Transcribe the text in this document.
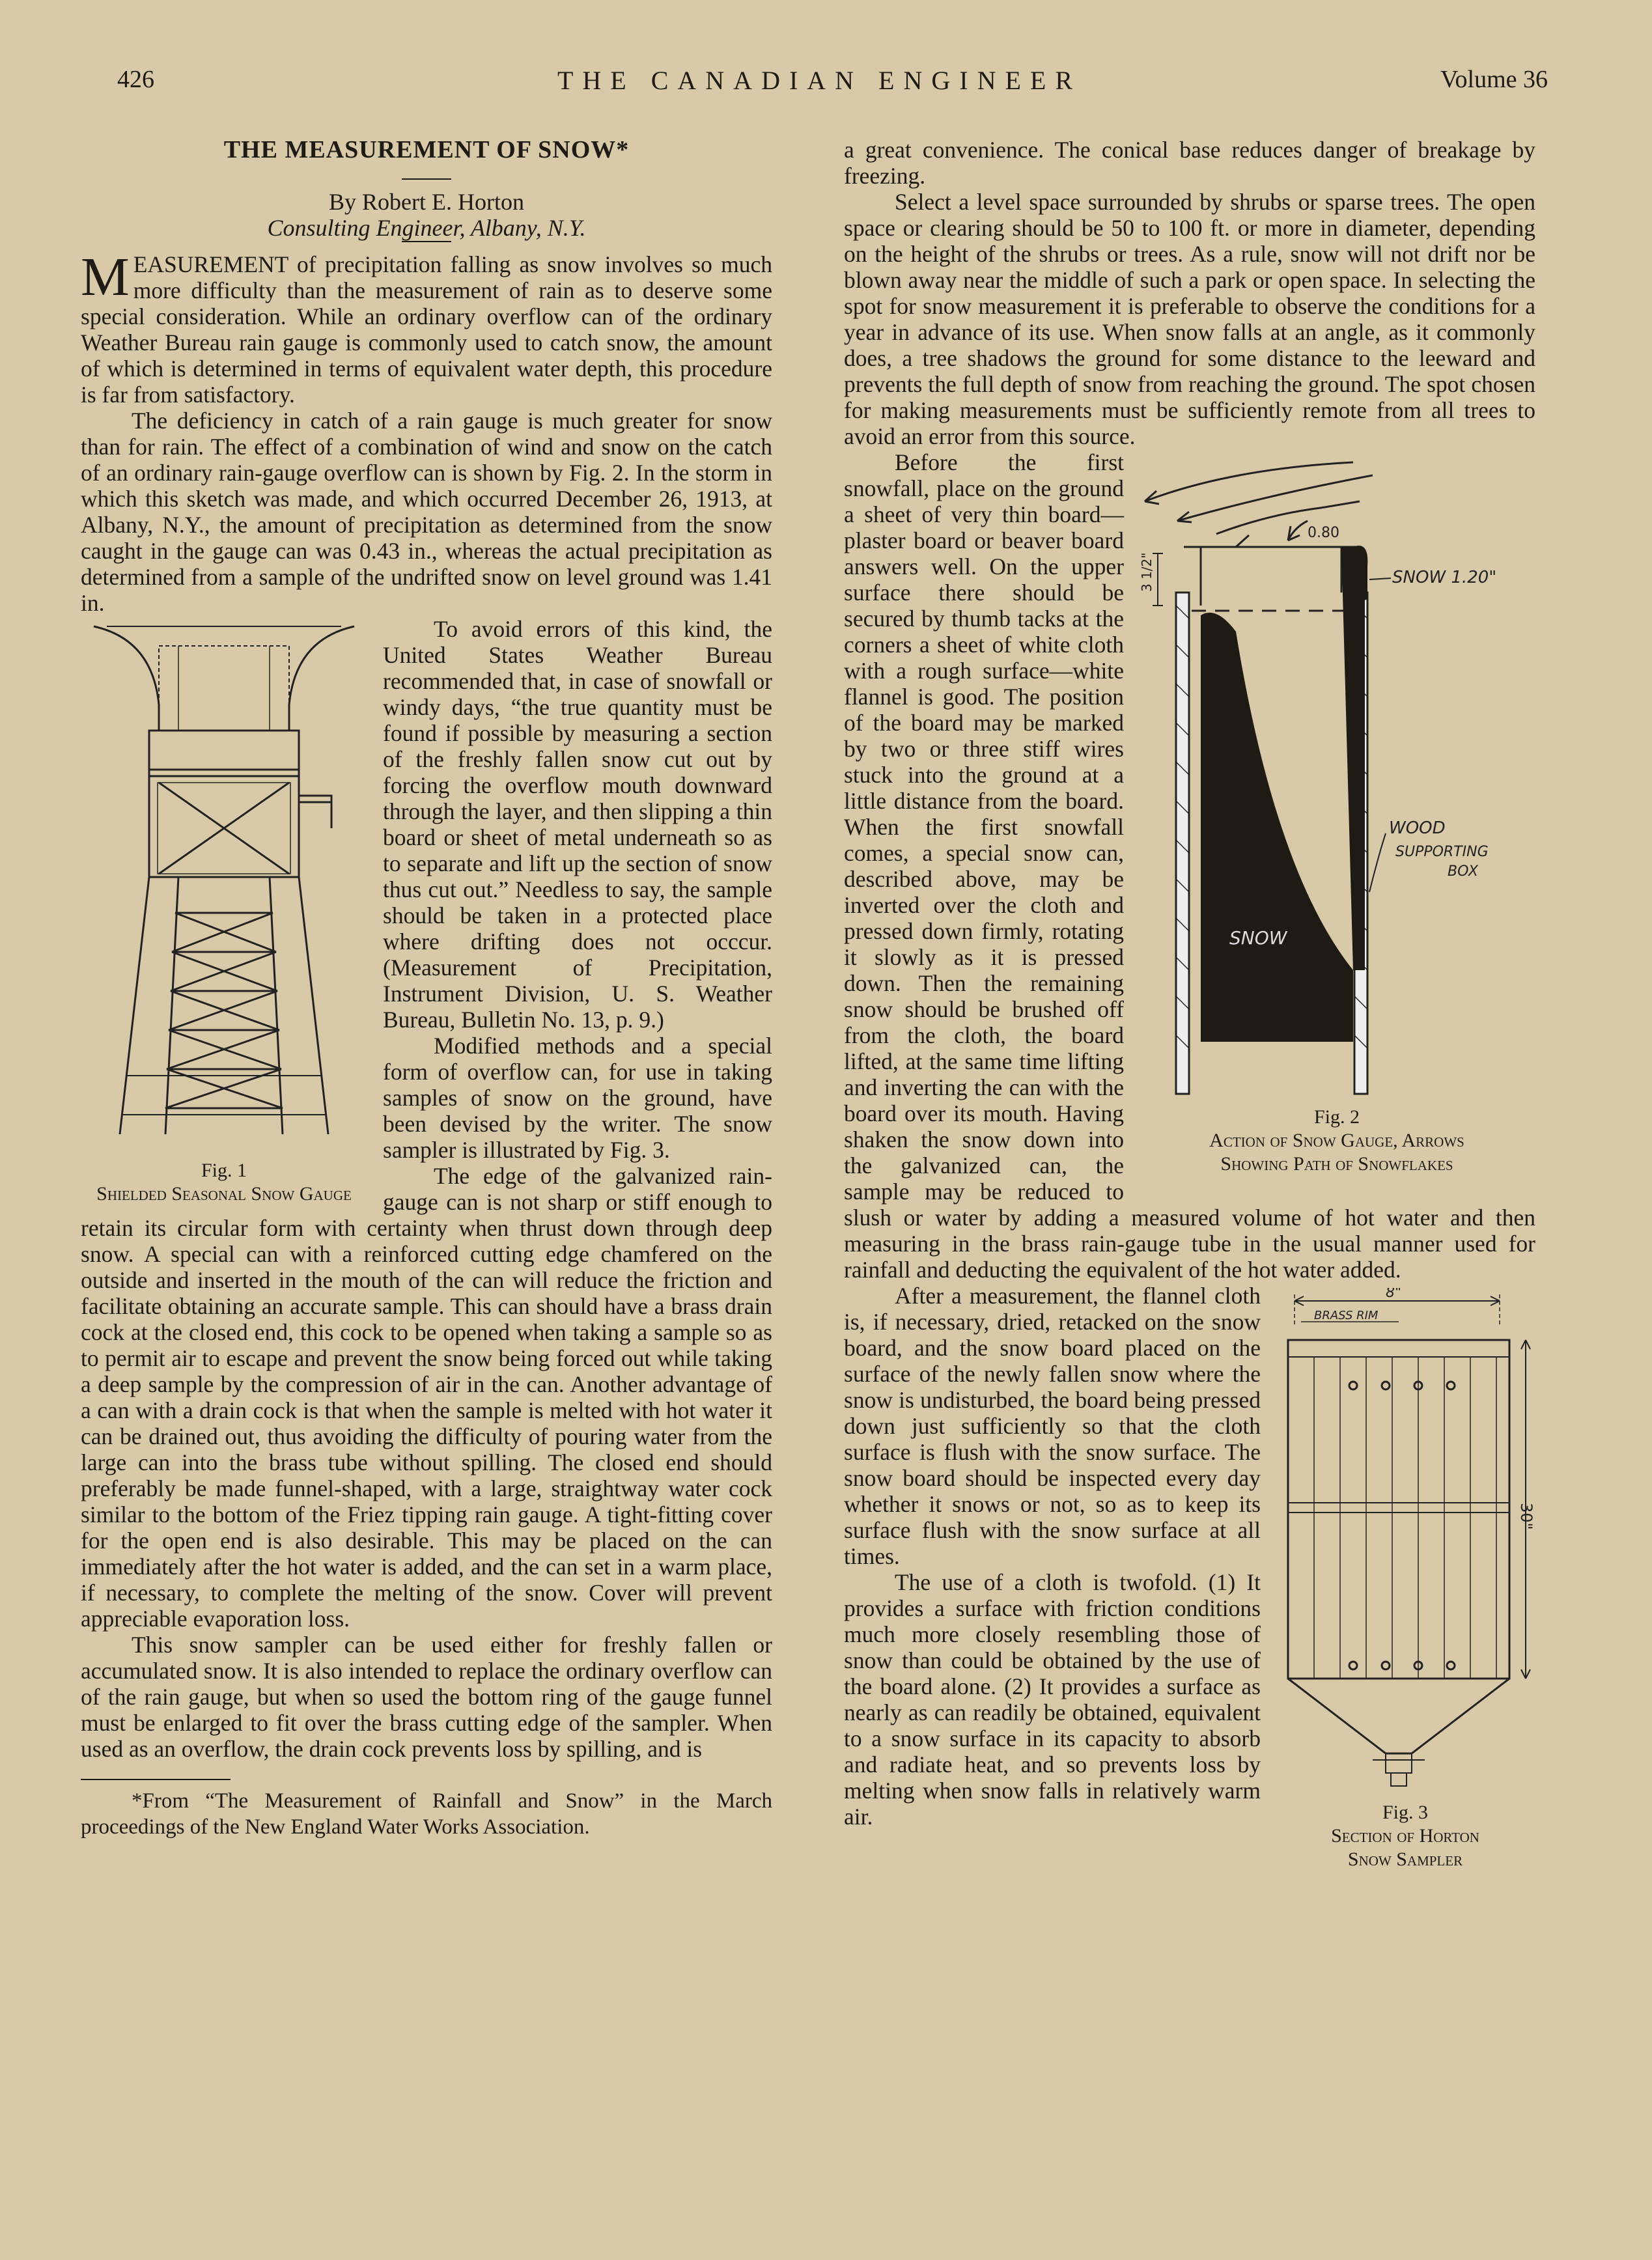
426	THE CANADIAN ENGINEER	Volume 36
THE MEASUREMENT OF SNOW*

By Robert E. Horton

Consulting Engineer, Albany, N.Y.

MEASUREMENT of precipitation falling as snow involves so much more difficulty than the measurement of rain as to deserve some special consideration. While an ordinary overflow can of the ordinary Weather Bureau rain gauge is commonly used to catch snow, the amount of which is determined in terms of equivalent water depth, this procedure is far from satisfactory.

The deficiency in catch of a rain gauge is much greater for snow than for rain. The effect of a combination of wind and snow on the catch of an ordinary rain-gauge overflow can is shown by Fig. 2. In the storm in which this sketch was made, and which occurred December 26, 1913, at Albany, N.Y., the amount of precipitation as determined from the snow caught in the gauge can was 0.43 in., whereas the actual precipitation as determined from a sample of the undrifted snow on level ground was 1.41 in.

Fig. 1
Shielded Seasonal Snow Gauge

To avoid errors of this kind, the United States Weather Bureau recommended that, in case of snowfall or windy days, “the true quantity must be found if possible by measuring a section of the freshly fallen snow cut out by forcing the overflow mouth downward through the layer, and then slipping a thin board or sheet of metal underneath so as to separate and lift up the section of snow thus cut out.” Needless to say, the sample should be taken in a protected place where drifting does not occcur. (Measurement of Precipitation, Instrument Division, U. S. Weather Bureau, Bulletin No. 13, p. 9.)

Modified methods and a special form of overflow can, for use in taking samples of snow on the ground, have been devised by the writer. The snow sampler is illustrated by Fig. 3.

The edge of the galvanized rain-gauge can is not sharp or stiff enough to retain its circular form with certainty when thrust down through deep snow. A special can with a reinforced cutting edge chamfered on the outside and inserted in the mouth of the can will reduce the friction and facilitate obtaining an accurate sample. This can should have a brass drain cock at the closed end, this cock to be opened when taking a sample so as to permit air to escape and prevent the snow being forced out while taking a deep sample by the compression of air in the can. Another advantage of a can with a drain cock is that when the sample is melted with hot water it can be drained out, thus avoiding the difficulty of pouring water from the large can into the brass tube without spilling. The closed end should preferably be made funnel-shaped, with a large, straightway water cock similar to the bottom of the Friez tipping rain gauge. A tight-fitting cover for the open end is also desirable. This may be placed on the can immediately after the hot water is added, and the can set in a warm place, if necessary, to complete the melting of the snow. Cover will prevent appreciable evaporation loss.

This snow sampler can be used either for freshly fallen or accumulated snow. It is also intended to replace the ordinary overflow can of the rain gauge, but when so used the bottom ring of the gauge funnel must be enlarged to fit over the brass cutting edge of the sampler. When used as an overflow, the drain cock prevents loss by spilling, and is

*From “The Measurement of Rainfall and Snow” in the March proceedings of the New England Water Works Association.

a great convenience. The conical base reduces danger of breakage by freezing.

Select a level space surrounded by shrubs or sparse trees. The open space or clearing should be 50 to 100 ft. or more in diameter, depending on the height of the shrubs or trees. As a rule, snow will not drift nor be blown away near the middle of such a park or open space. In selecting the spot for snow measurement it is preferable to observe the conditions for a year in advance of its use. When snow falls at an angle, as it commonly does, a tree shadows the ground for some distance to the leeward and prevents the full depth of snow from reaching the ground. The spot chosen for making measurements must be sufficiently remote from all trees to avoid an error from this source.

SNOW
0.80
SNOW 1.20"
3 1/2"
WOOD
SUPPORTING
BOX
Fig. 2
Action of Snow Gauge, Arrows
Showing Path of Snowflakes

Before the first snowfall, place on the ground a sheet of very thin board—plaster board or beaver board answers well. On the upper surface there should be secured by thumb tacks at the corners a sheet of white cloth with a rough surface—white flannel is good. The position of the board may be marked by two or three stiff wires stuck into the ground at a little distance from the board. When the first snowfall comes, a special snow can, described above, may be inverted over the cloth and pressed down firmly, rotating it slowly as it is pressed down. Then the remaining snow should be brushed off from the cloth, the board lifted, at the same time lifting and inverting the can with the board over its mouth. Having shaken the snow down into the galvanized can, the sample may be reduced to slush or water by adding a measured volume of hot water and then measuring in the brass rain-gauge tube in the usual manner used for rainfall and deducting the equivalent of the hot water added.

8"
BRASS RIM
30"
Fig. 3
Section of Horton
Snow Sampler

After a measurement, the flannel cloth is, if necessary, dried, retacked on the snow board, and the snow board placed on the surface of the newly fallen snow where the snow is undisturbed, the board being pressed down just sufficiently so that the cloth surface is flush with the snow surface. The snow board should be inspected every day whether it snows or not, so as to keep its surface flush with the snow surface at all times.

The use of a cloth is twofold. (1) It provides a surface with friction conditions much more closely resembling those of snow than could be obtained by the use of the board alone. (2) It provides a surface as nearly as can readily be obtained, equivalent to a snow surface in its capacity to absorb and radiate heat, and so prevents loss by melting when snow falls in relatively warm air.
